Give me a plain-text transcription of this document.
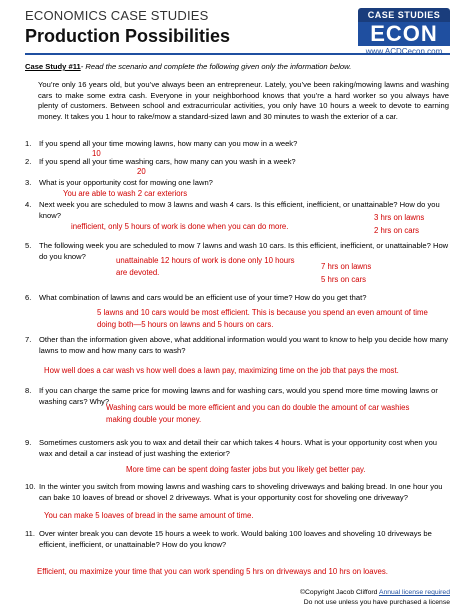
ECONOMICS CASE STUDIES
Production Possibilities
CASE STUDIES
ECON
www.ACDCecon.com
Case Study #11- Read the scenario and complete the following given only the information below.
You’re only 16 years old, but you’ve always been an entrepreneur. Lately, you’ve been raking/mowing lawns and washing cars to make some extra cash. Everyone in your neighborhood knows that you’re a hard worker so you always have plenty of customers. Between school and extracurricular activities, you only have 10 hours a week to devote to earning money. It takes you 1 hour to rake/mow a standard-sized lawn and 30 minutes to wash the exterior of a car.
1.	If you spend all your time mowing lawns, how many can you mow in a week?
10
2.	If you spend all your time washing cars, how many can you wash in a week?
20
3.	What is your opportunity cost for mowing one lawn?
You are able to wash 2 car exteriors
4.	Next week you are scheduled to mow 3 lawns and wash 4 cars. Is this efficient, inefficient, or unattainable? How do you know?
inefficient, only 5 hours of work is done when you can do more.
3 hrs on lawns
2 hrs on cars
5.	The following week you are scheduled to mow 7 lawns and wash 10 cars. Is this efficient, inefficient, or unattainable? How do you know?	unattainable 12 hours of work is done only 10 hours
are devoted.
7 hrs on lawns
5 hrs on cars
6.	What combination of lawns and cars would be an efficient use of your time? How do you get that?
5 lawns and 10 cars would be most efficient. This is because you spend an even amount of time
doing both—5 hours on lawns and 5 hours on cars.
7.	Other than the information given above, what additional information would you want to know to help you decide how many lawns to mow and how many cars to wash?
How well does a car wash vs how well does a lawn pay, maximizing time on the job that pays the most.
8.	If you can charge the same price for mowing lawns and for washing cars, would you spend more time mowing lawns or washing cars? Why?
Washing cars would be more efficient and you can do double the amount of car washies
making double your money.
9.	Sometimes customers ask you to wax and detail their car which takes 4 hours. What is your opportunity cost when you wax and detail a car instead of just washing the exterior?
More time can be spent doing faster jobs but you likely get better pay.
10. In the winter you switch from mowing lawns and washing cars to shoveling driveways and baking bread. In one hour you can bake 10 loaves of bread or shovel 2 driveways. What is your opportunity cost for shoveling one driveway?
You can make 5 loaves of bread in the same amount of time.
11. Over winter break you can devote 15 hours a week to work. Would baking 100 loaves and shoveling 10 driveways be efficient, inefficient, or unattainable? How do you know?
Efficient, ou maximize your time that you can work spending 5 hrs on driveways and 10 hrs on loaves.
©Copyright Jacob Clifford Annual license required
Do not use unless you have purchased a license
